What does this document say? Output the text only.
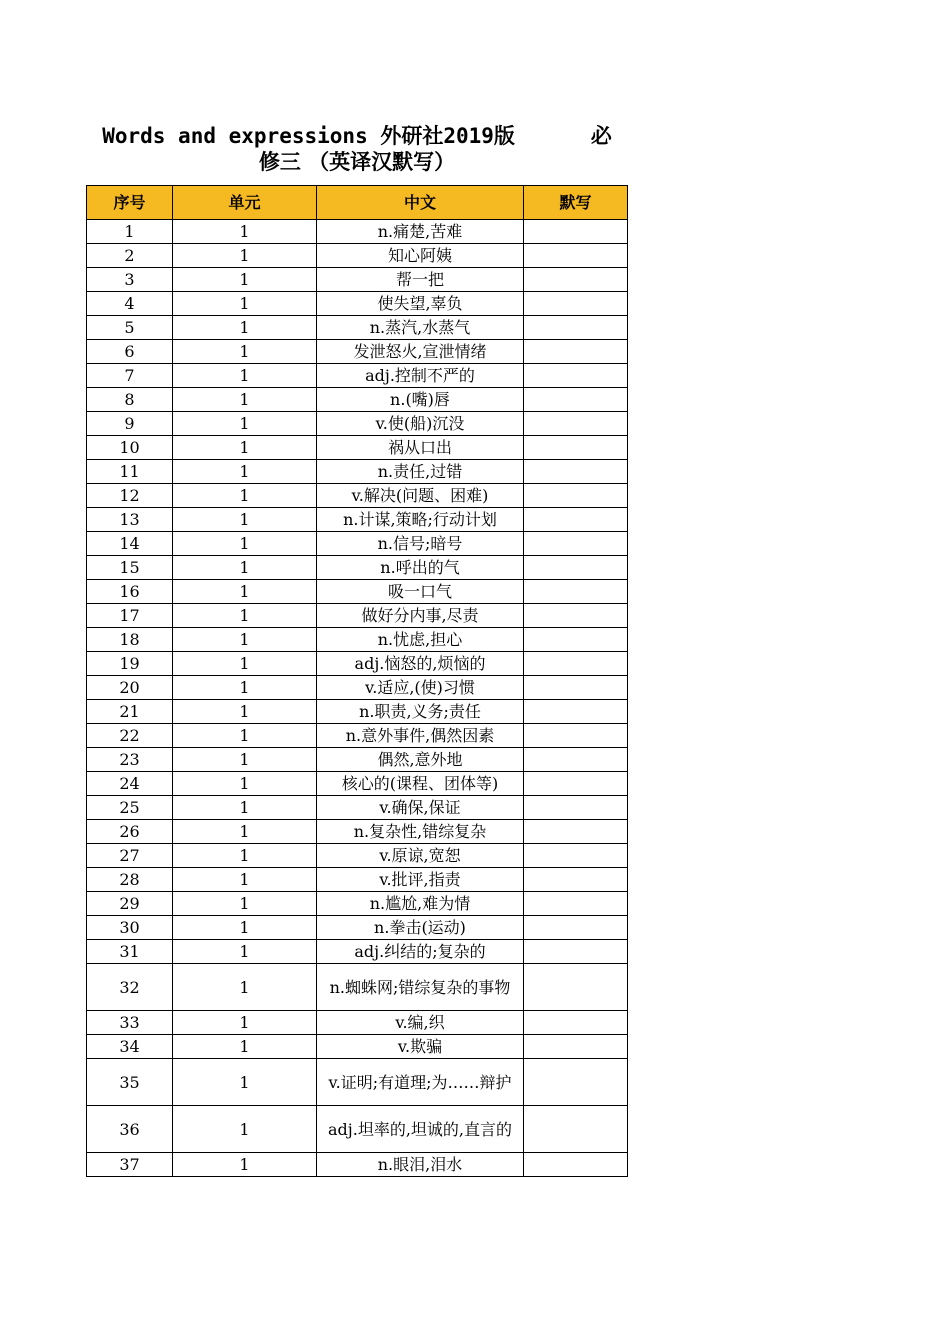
Words and expressions 外研社2019版      必
修三 （英译汉默写）
序号	单元	中文	默写
1	1	n.痛楚,苦难	
2	1	知心阿姨	
3	1	帮一把	
4	1	使失望,辜负	
5	1	n.蒸汽,水蒸气	
6	1	发泄怒火,宣泄情绪	
7	1	adj.控制不严的	
8	1	n.(嘴)唇	
9	1	v.使(船)沉没	
10	1	祸从口出	
11	1	n.责任,过错	
12	1	v.解决(问题、困难)	
13	1	n.计谋,策略;行动计划	
14	1	n.信号;暗号	
15	1	n.呼出的气	
16	1	吸一口气	
17	1	做好分内事,尽责	
18	1	n.忧虑,担心	
19	1	adj.恼怒的,烦恼的	
20	1	v.适应,(使)习惯	
21	1	n.职责,义务;责任	
22	1	n.意外事件,偶然因素	
23	1	偶然,意外地	
24	1	核心的(课程、团体等)	
25	1	v.确保,保证	
26	1	n.复杂性,错综复杂	
27	1	v.原谅,宽恕	
28	1	v.批评,指责	
29	1	n.尴尬,难为情	
30	1	n.拳击(运动)	
31	1	adj.纠结的;复杂的	
32	1	n.蜘蛛网;错综复杂的事物	
33	1	v.编,织	
34	1	v.欺骗	
35	1	v.证明;有道理;为……辩护	
36	1	adj.坦率的,坦诚的,直言的	
37	1	n.眼泪,泪水	
